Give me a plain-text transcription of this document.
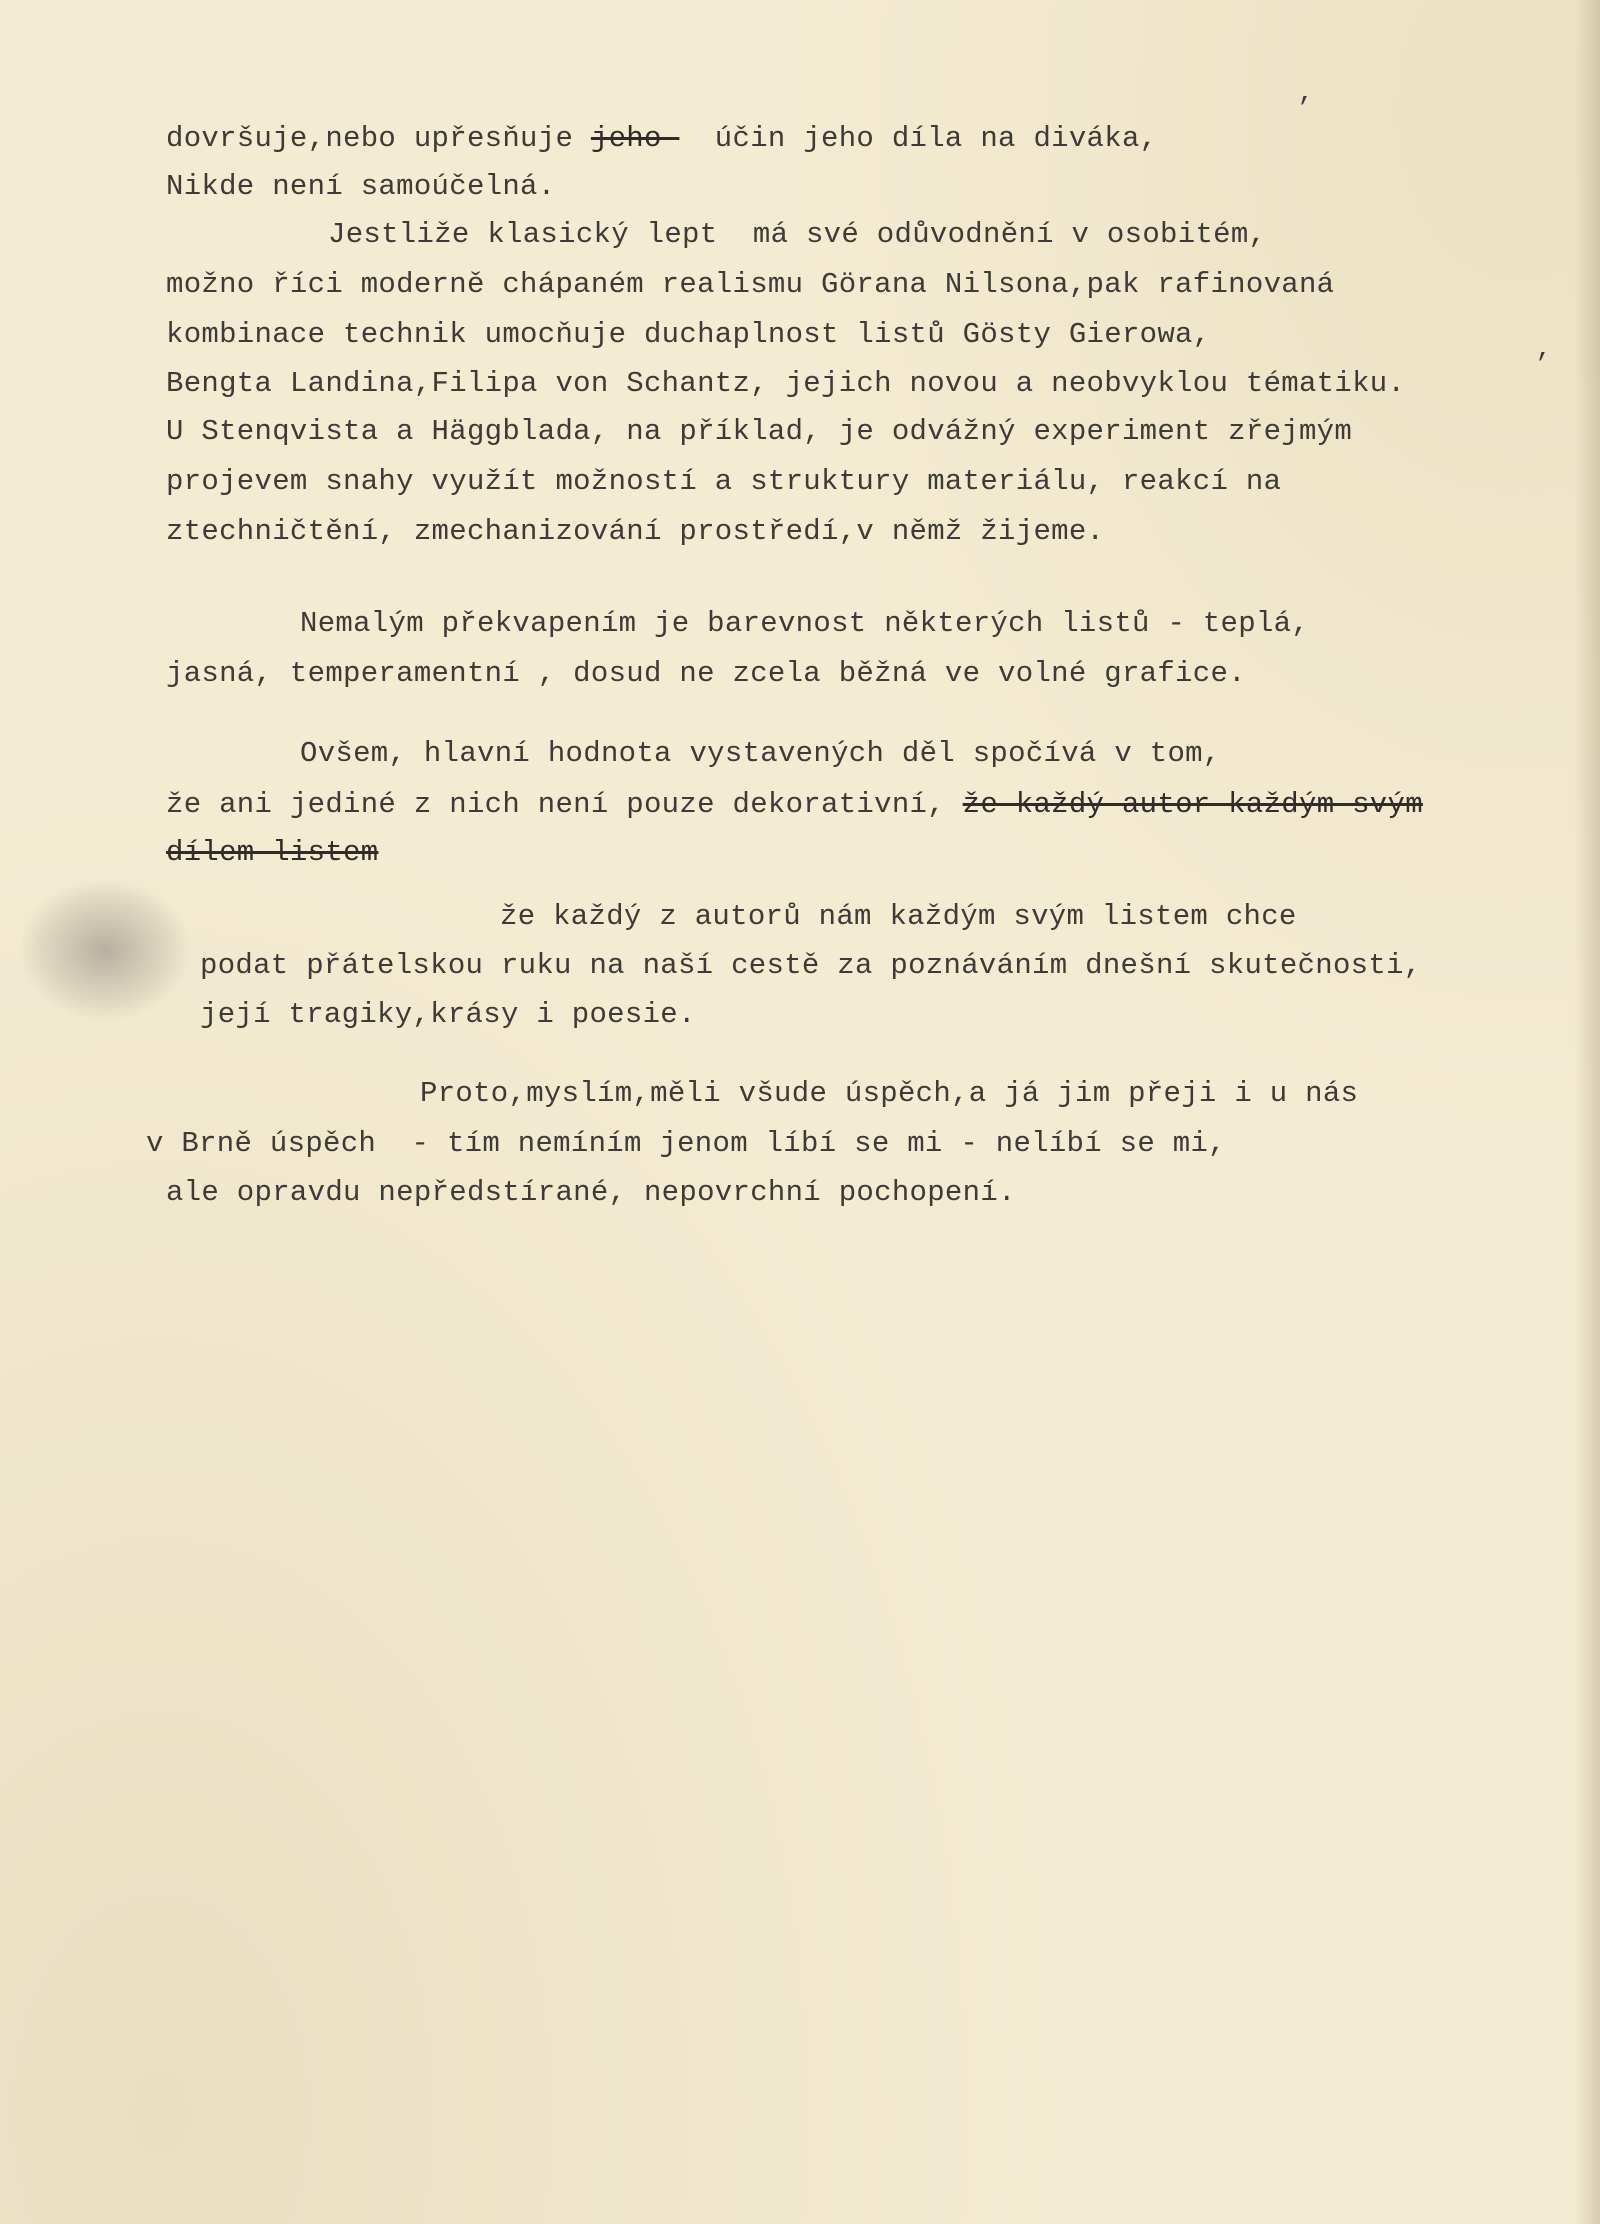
,
,
dovršuje,nebo upřesňuje jeho-  účin jeho díla na diváka,
Nikde není samoúčelná.
Jestliže klasický lept  má své odůvodnění v osobitém,
možno říci moderně chápaném realismu Görana Nilsona,pak rafinovaná
kombinace technik umocňuje duchaplnost listů Gösty Gierowa,
Bengta Landina,Filipa von Schantz, jejich novou a neobvyklou tématiku.
U Stenqvista a Häggblada, na příklad, je odvážný experiment zřejmým
projevem snahy využít možností a struktury materiálu, reakcí na
ztechničtění, zmechanizování prostředí,v němž žijeme.
Nemalým překvapením je barevnost některých listů - teplá,
jasná, temperamentní , dosud ne zcela běžná ve volné grafice.
Ovšem, hlavní hodnota vystavených děl spočívá v tom,
že ani jediné z nich není pouze dekorativní, že každý autor každým svým
dílem listem
že každý z autorů nám každým svým listem chce
podat přátelskou ruku na naší cestě za poznáváním dnešní skutečnosti,
její tragiky,krásy i poesie.
Proto,myslím,měli všude úspěch,a já jim přeji i u nás
v Brně úspěch  - tím nemíním jenom líbí se mi - nelíbí se mi,
ale opravdu nepředstírané, nepovrchní pochopení.
